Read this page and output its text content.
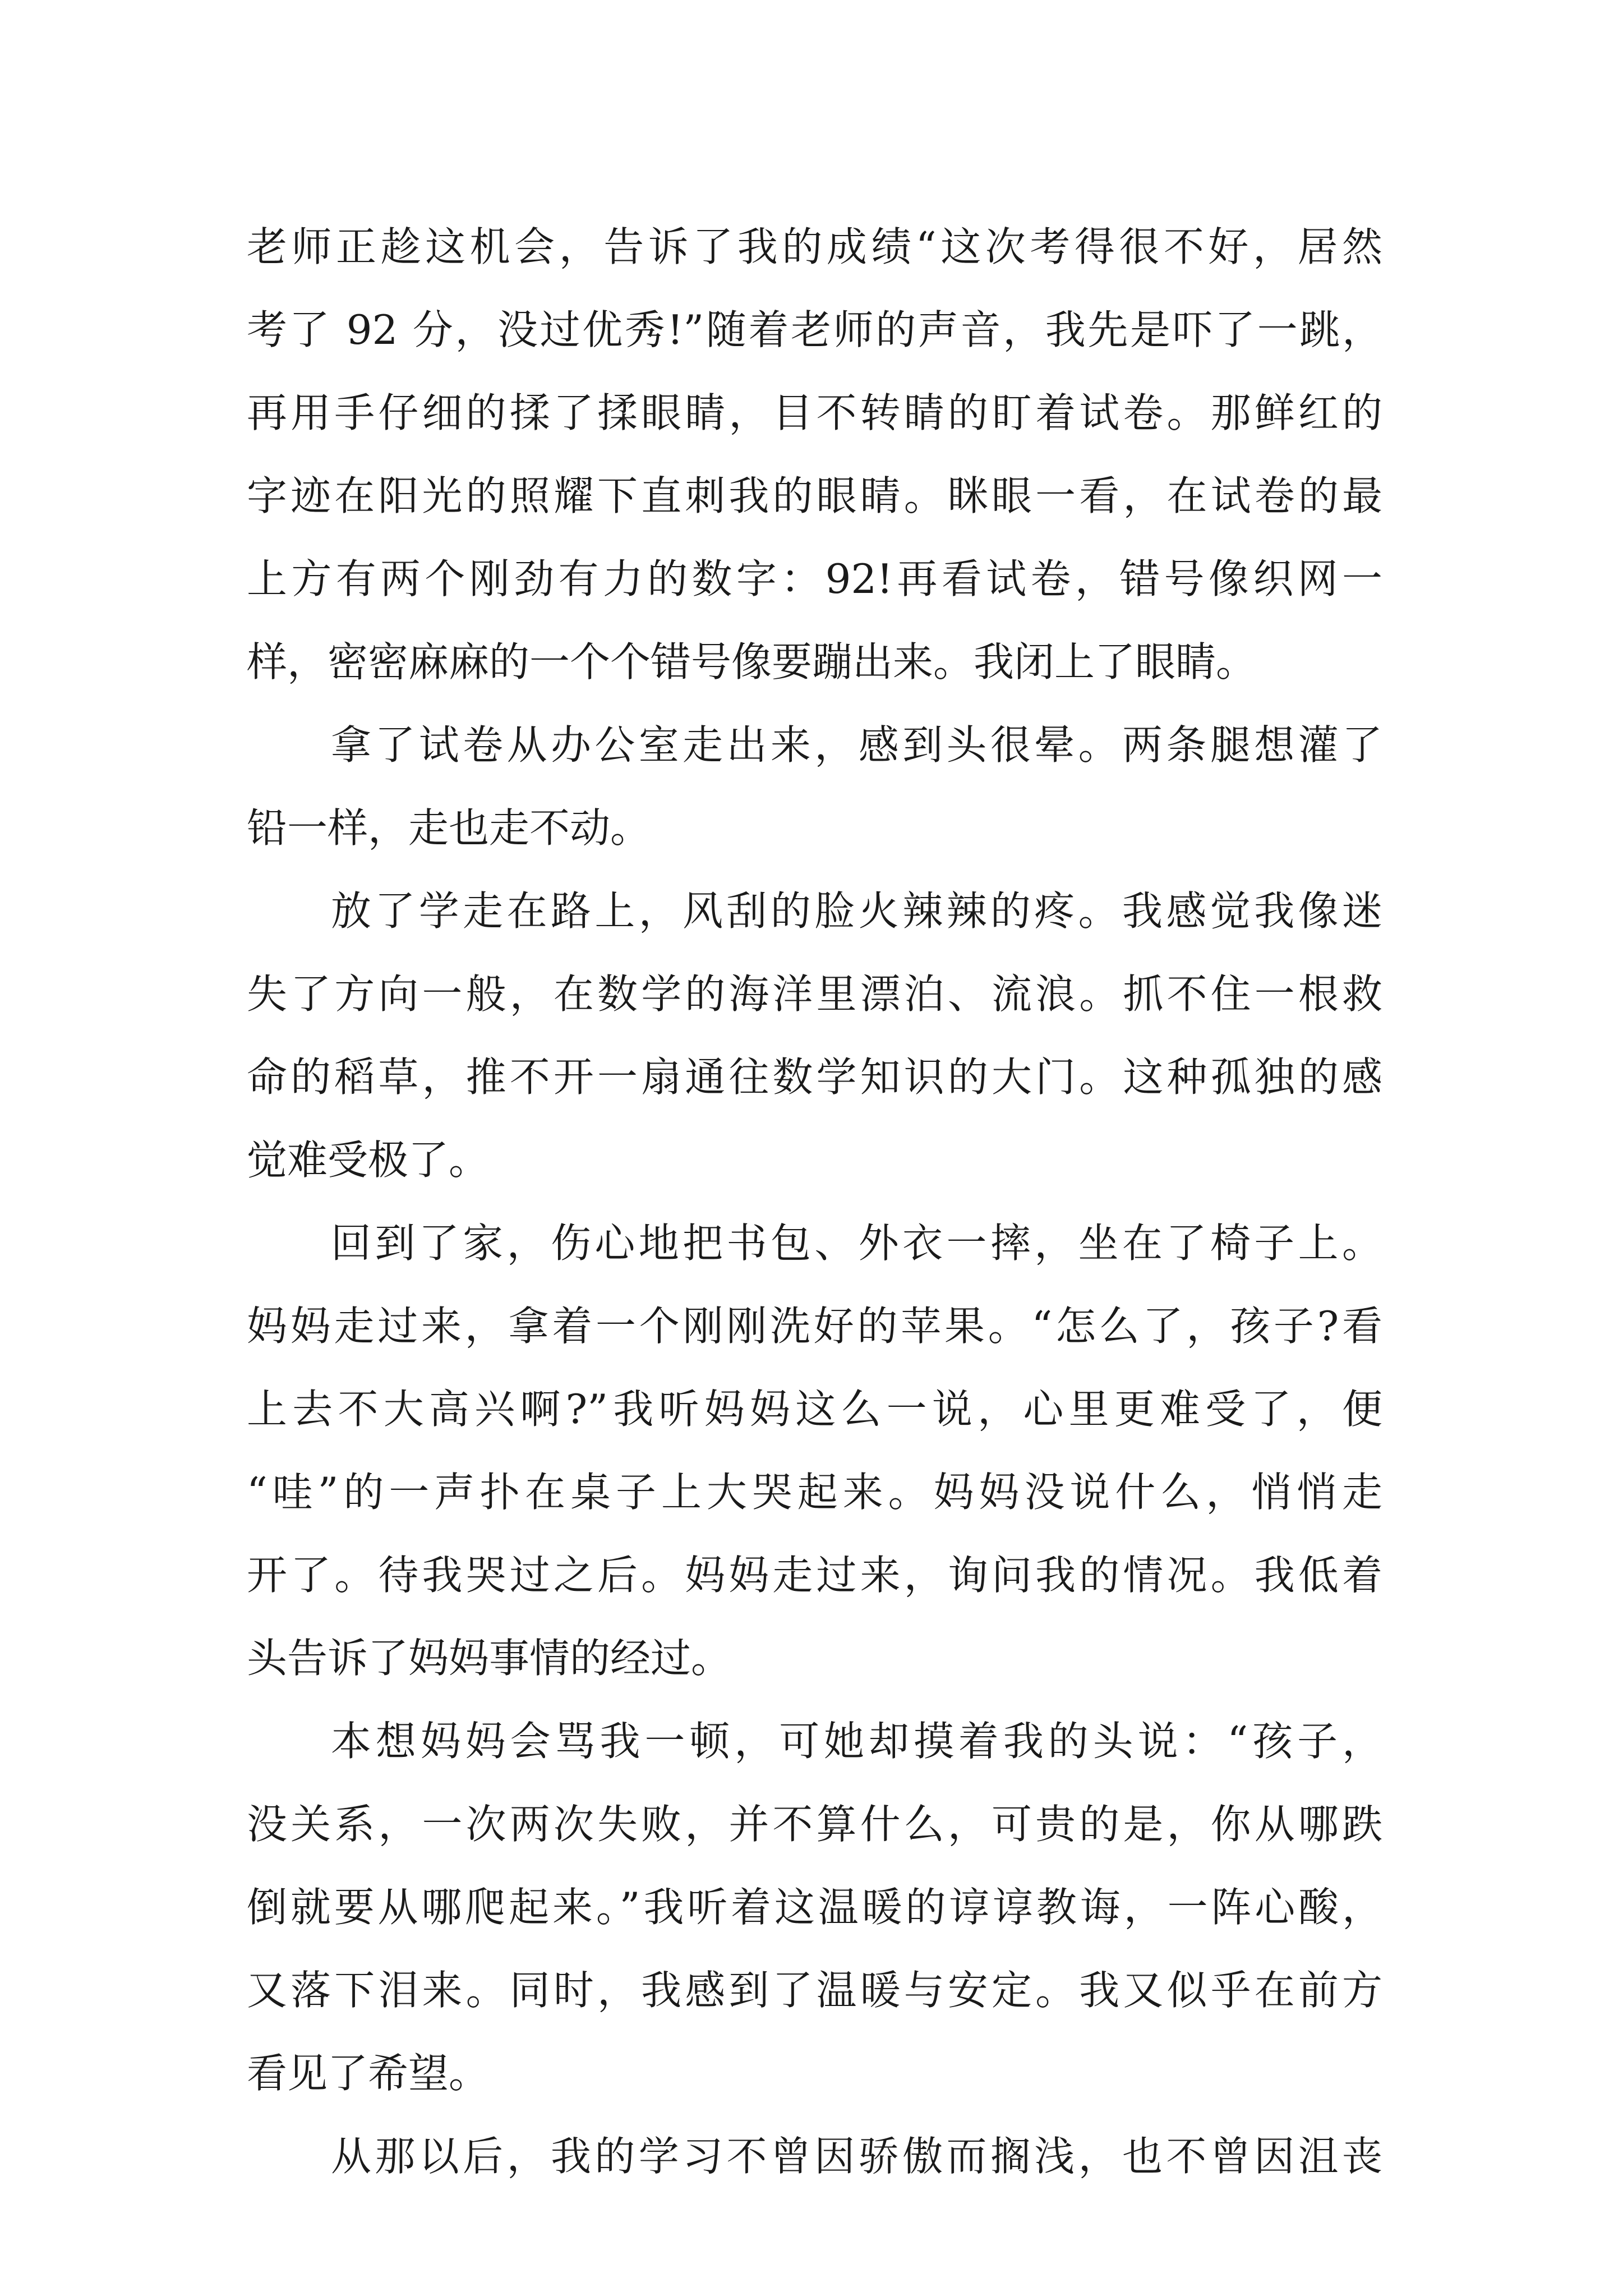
老师正趁这机会，告诉了我的成绩“这次考得很不好，居然
考了 92 分，没过优秀!”随着老师的声音，我先是吓了一跳，
再用手仔细的揉了揉眼睛，目不转睛的盯着试卷。那鲜红的
字迹在阳光的照耀下直刺我的眼睛。眯眼一看，在试卷的最
上方有两个刚劲有力的数字：92!再看试卷，错号像织网一
样，密密麻麻的一个个错号像要蹦出来。我闭上了眼睛。
拿了试卷从办公室走出来，感到头很晕。两条腿想灌了
铅一样，走也走不动。
放了学走在路上，风刮的脸火辣辣的疼。我感觉我像迷
失了方向一般，在数学的海洋里漂泊、流浪。抓不住一根救
命的稻草，推不开一扇通往数学知识的大门。这种孤独的感
觉难受极了。
回到了家，伤心地把书包、外衣一摔，坐在了椅子上。
妈妈走过来，拿着一个刚刚洗好的苹果。“怎么了，孩子?看
上去不大高兴啊?”我听妈妈这么一说，心里更难受了，便
“哇”的一声扑在桌子上大哭起来。妈妈没说什么，悄悄走
开了。待我哭过之后。妈妈走过来，询问我的情况。我低着
头告诉了妈妈事情的经过。
本想妈妈会骂我一顿，可她却摸着我的头说：“孩子，
没关系，一次两次失败，并不算什么，可贵的是，你从哪跌
倒就要从哪爬起来。”我听着这温暖的谆谆教诲，一阵心酸，
又落下泪来。同时，我感到了温暖与安定。我又似乎在前方
看见了希望。
从那以后，我的学习不曾因骄傲而搁浅，也不曾因沮丧
